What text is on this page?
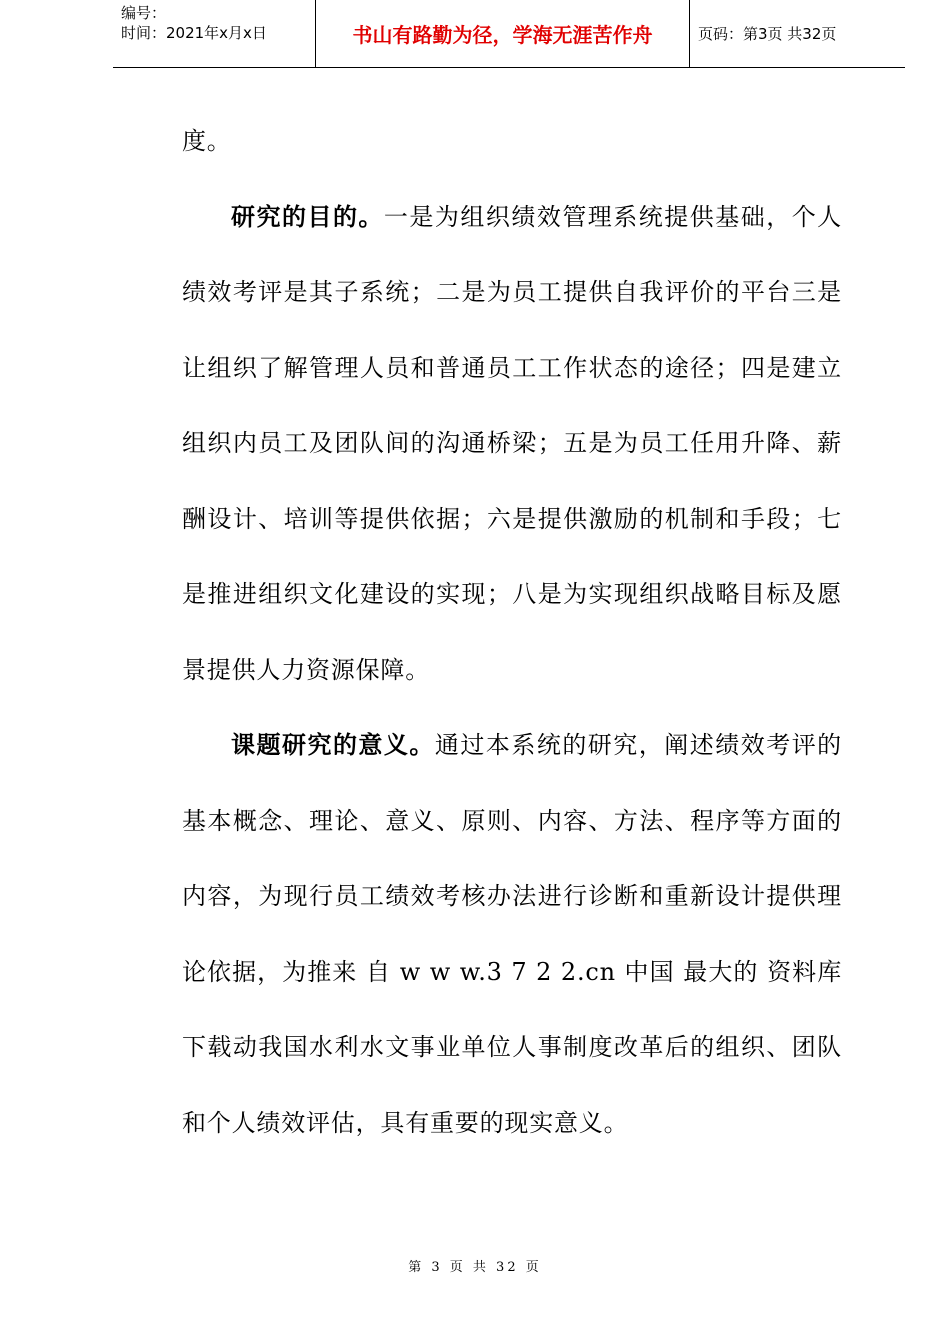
编号：
时间：2021年x月x日	书山有路勤为径，学海无涯苦作舟	页码：第3页 共32页

度。

研究的目的。一是为组织绩效管理系统提供基础，个人绩效考评是其子系统；二是为员工提供自我评价的平台三是让组织了解管理人员和普通员工工作状态的途径；四是建立组织内员工及团队间的沟通桥梁；五是为员工任用升降、薪酬设计、培训等提供依据；六是提供激励的机制和手段；七是推进组织文化建设的实现；八是为实现组织战略目标及愿景提供人力资源保障。

课题研究的意义。通过本系统的研究，阐述绩效考评的基本概念、理论、意义、原则、内容、方法、程序等方面的内容，为现行员工绩效考核办法进行诊断和重新设计提供理论依据，为推来 自 w w w.3 7 2 2.cn 中国 最大的 资料库 下载动我国水利水文事业单位人事制度改革后的组织、团队和个人绩效评估，具有重要的现实意义。

第 3 页 共 32 页
